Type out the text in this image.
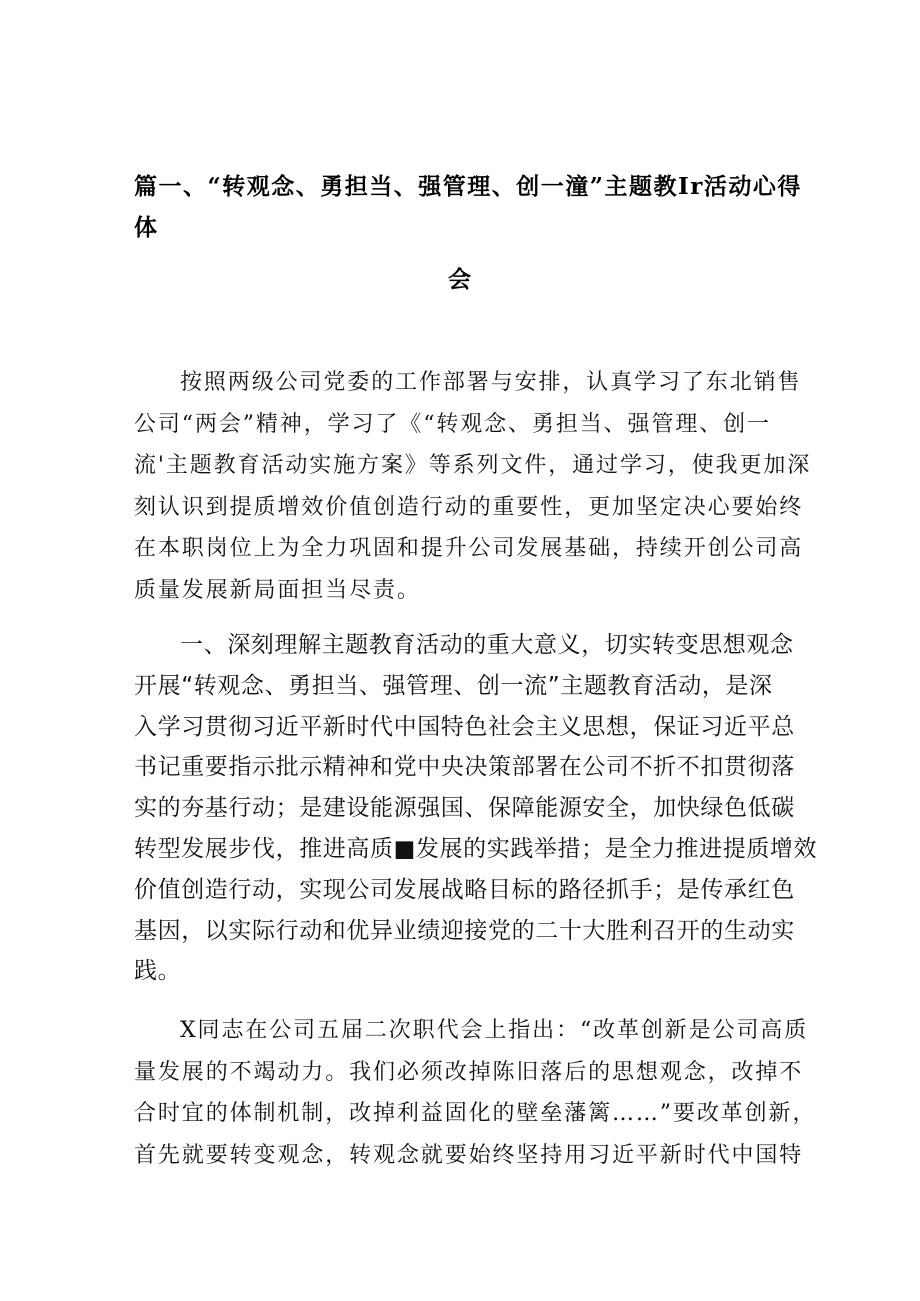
篇一、“转观念、勇担当、强管理、创一潼”主题教Ir活动心得
体
会
按照两级公司党委的工作部署与安排，认真学习了东北销售
公司“两会”精神，学习了《“转观念、勇担当、强管理、创一
流'主题教育活动实施方案》等系列文件，通过学习，使我更加深
刻认识到提质增效价值创造行动的重要性，更加坚定决心要始终
在本职岗位上为全力巩固和提升公司发展基础，持续开创公司高
质量发展新局面担当尽责。
一、深刻理解主题教育活动的重大意义，切实转变思想观念
开展“转观念、勇担当、强管理、创一流”主题教育活动，是深
入学习贯彻习近平新时代中国特色社会主义思想，保证习近平总
书记重要指示批示精神和党中央决策部署在公司不折不扣贯彻落
实的夯基行动；是建设能源强国、保障能源安全，加快绿色低碳
转型发展步伐，推进高质■发展的实践举措；是全力推进提质增效
价值创造行动，实现公司发展战略目标的路径抓手；是传承红色
基因，以实际行动和优异业绩迎接党的二十大胜利召开的生动实
践。
X同志在公司五届二次职代会上指出：“改革创新是公司高质
量发展的不竭动力。我们必须改掉陈旧落后的思想观念，改掉不
合时宜的体制机制，改掉利益固化的壁垒藩篱……”要改革创新，
首先就要转变观念，转观念就要始终坚持用习近平新时代中国特
